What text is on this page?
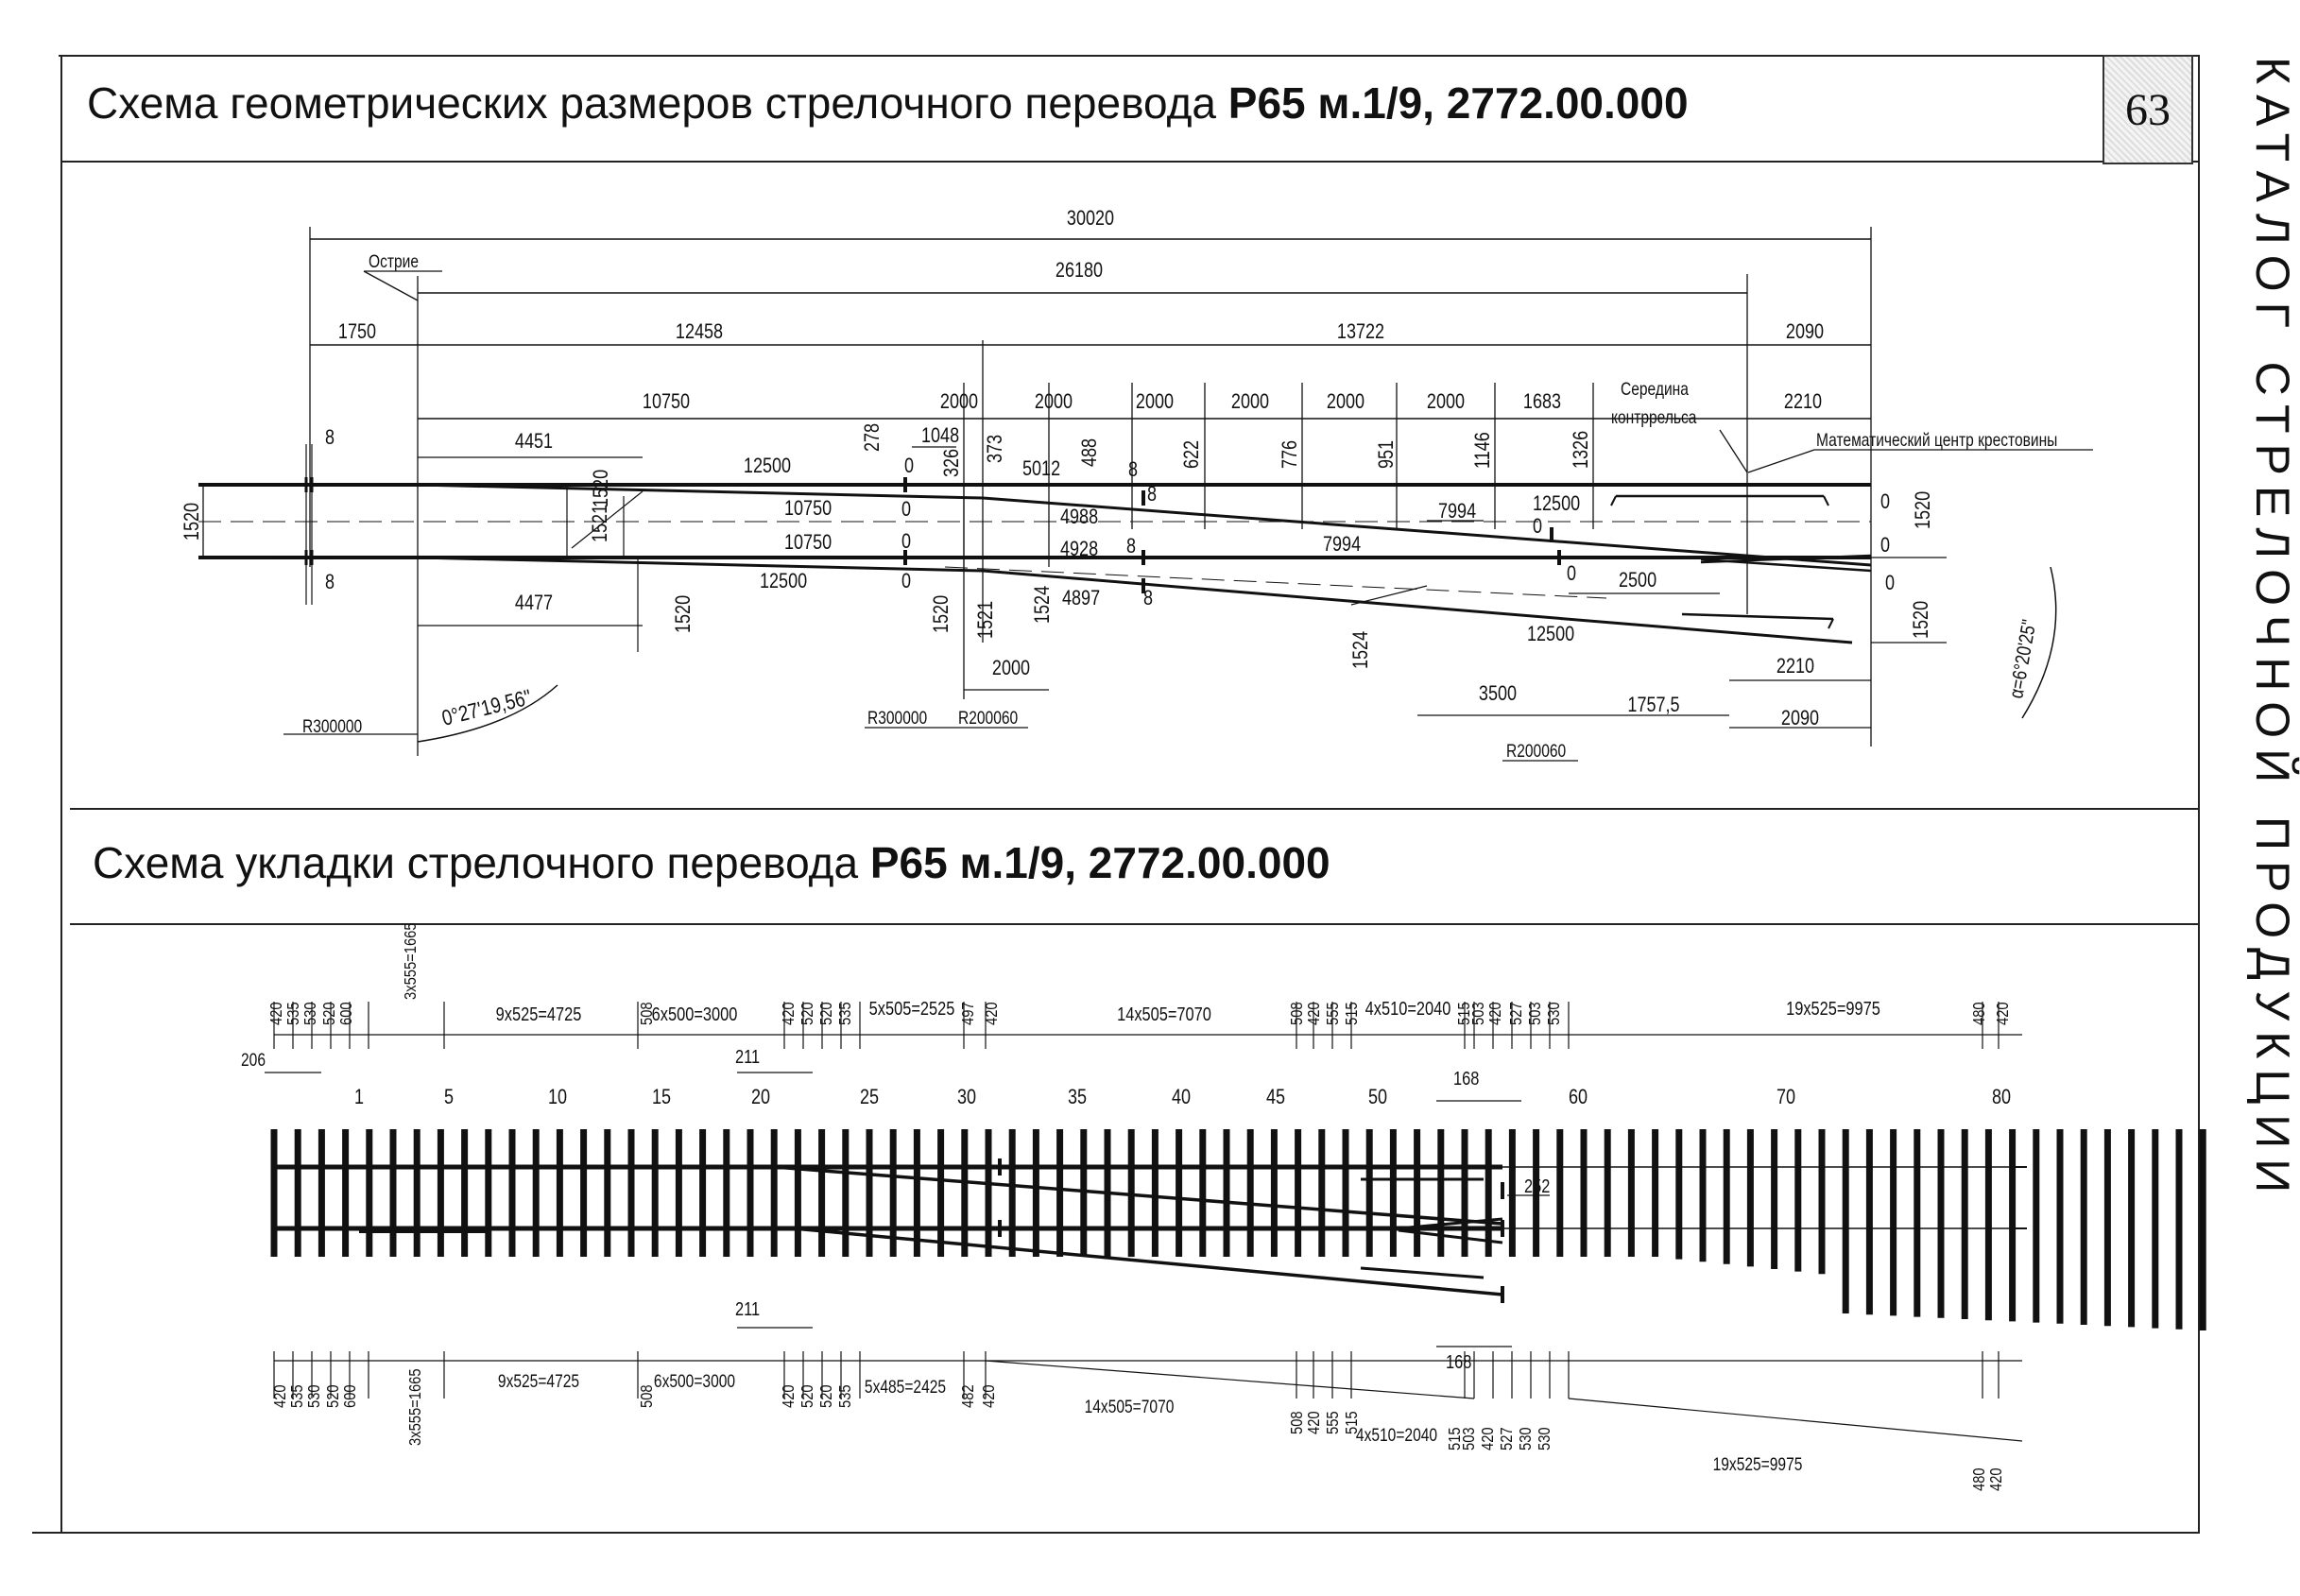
Схема геометрических размеров стрелочного перевода Р65 м.1/9, 2772.00.000
Схема укладки стрелочного перевода Р65 м.1/9, 2772.00.000
63 КАТАЛОГ СТРЕЛОЧНОЙ ПРОДУКЦИИ
30020
26180
1750	12458	13722	2090
10750	2000	2000	2000	2000	2000	2000	1683	2210
Острие
Середина
контррельса
Математический центр крестовины
8
8
1520
4451
12500
278 1048
0 326 373
5012
488
8
622	776	951	1146	1326
1521	10750	0	4988
8
7994	12500
0
0 1520
10750	0	4928 8	7994	0
2500
0
1520
4477	1520
12500	0
1520 1521 1524 4897 8
12500
0
1520
1524
2000	2210
3500	1757,5
2090
R300000	R300000 R200060
R200060
0°27'19,56"
α=6°20'25"
420
535
530 520
600
3x555=1665
9x525=4725	508
6x500=3000 420 520 520 535 5x505=2525 497 420	14x505=7070	508
420 555 515 4x510=2040 515
503
420 527 503 530	19x525=9975	480 420
1	5	10	15	20	25	30	35	40	45	50	60	70	80
206	211
211
168
168
252
420
535
530 520
600	3x555=1665	9x525=4725
508
6x500=3000
420 520 520 535 5x485=2425 482 420	14x505=7070
508
420 555 515
4x510=2040 515
503 420 527 530 530
19x525=9975
480
420
